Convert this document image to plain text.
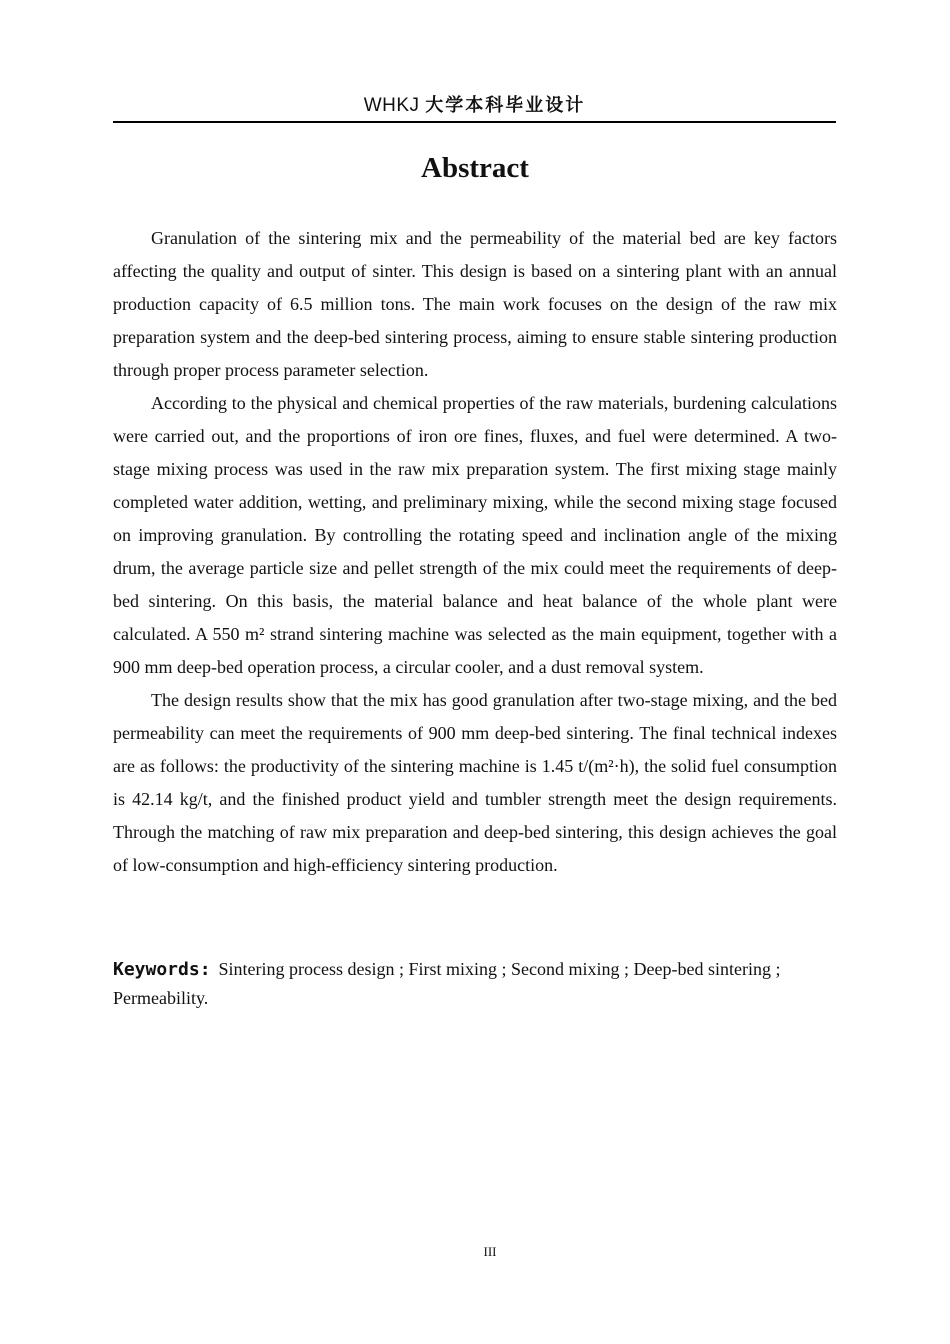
WHKJ 大学本科毕业设计
Abstract

Granulation of the sintering mix and the permeability of the material bed are key factors affecting the quality and output of sinter. This design is based on a sintering plant with an annual production capacity of 6.5 million tons. The main work focuses on the design of the raw mix preparation system and the deep-bed sintering process, aiming to ensure stable sintering production through proper process parameter selection.

According to the physical and chemical properties of the raw materials, burdening calculations were carried out, and the proportions of iron ore fines, fluxes, and fuel were determined. A two-stage mixing process was used in the raw mix preparation system. The first mixing stage mainly completed water addition, wetting, and preliminary mixing, while the second mixing stage focused on improving granulation. By controlling the rotating speed and inclination angle of the mixing drum, the average particle size and pellet strength of the mix could meet the requirements of deep-bed sintering. On this basis, the material balance and heat balance of the whole plant were calculated. A 550 m² strand sintering machine was selected as the main equipment, together with a 900 mm deep-bed operation process, a circular cooler, and a dust removal system.

The design results show that the mix has good granulation after two-stage mixing, and the bed permeability can meet the requirements of 900 mm deep-bed sintering. The final technical indexes are as follows: the productivity of the sintering machine is 1.45 t/(m²·h), the solid fuel consumption is 42.14 kg/t, and the finished product yield and tumbler strength meet the design requirements. Through the matching of raw mix preparation and deep-bed sintering, this design achieves the goal of low-consumption and high-efficiency sintering production.

Keywords: Sintering process design ; First mixing ; Second mixing ; Deep-bed sintering ; Permeability.
III
